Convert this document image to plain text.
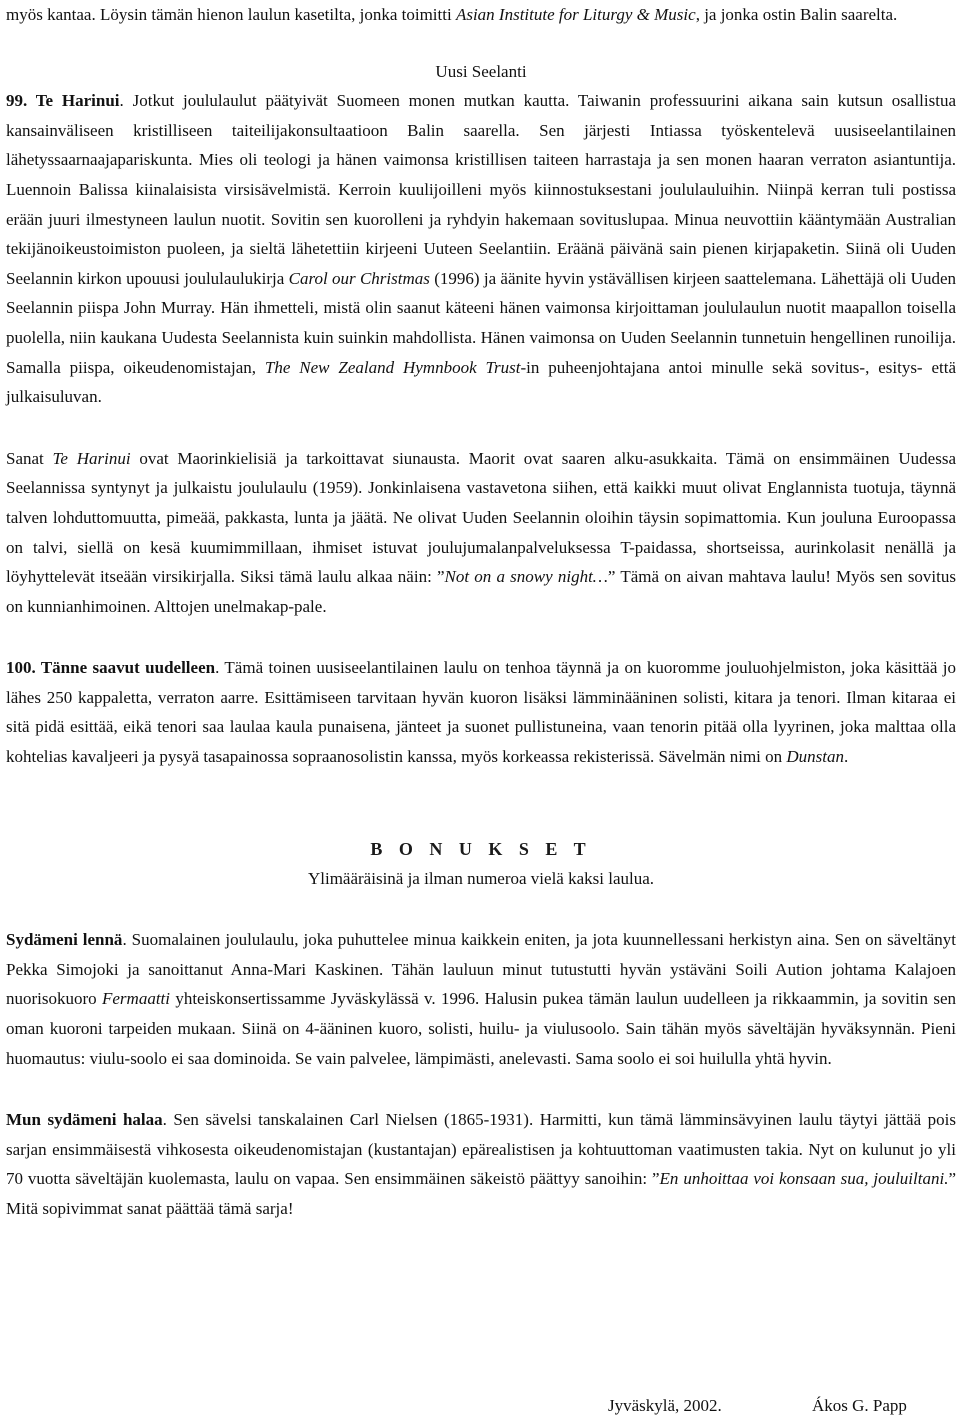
myös kantaa. Löysin tämän hienon laulun kasetilta, jonka toimitti Asian Institute for Liturgy & Music, ja jonka ostin Balin saarelta.

Uusi Seelanti

99. Te Harinui. Jotkut joululaulut päätyivät Suomeen monen mutkan kautta. Taiwanin professuurini aikana sain kutsun osallistua kansainväliseen kristilliseen taiteilijakonsultaatioon Balin saarella. Sen järjesti Intiassa työskentelevä uusiseelantilainen lähetyssaarnaajapariskunta. Mies oli teologi ja hänen vaimonsa kristillisen taiteen harrastaja ja sen monen haaran verraton asiantuntija. Luennoin Balissa kiinalaisista virsisävelmistä. Kerroin kuulijoilleni myös kiinnostuksestani joululauluihin. Niinpä kerran tuli postissa erään juuri ilmestyneen laulun nuotit. Sovitin sen kuorolleni ja ryhdyin hakemaan sovituslupaa. Minua neuvottiin kääntymään Australian tekijänoikeustoimiston puoleen, ja sieltä lähetettiin kirjeeni Uuteen Seelantiin. Eräänä päivänä sain pienen kirjapaketin. Siinä oli Uuden Seelannin kirkon upouusi joululaulukirja Carol our Christmas (1996) ja äänite hyvin ystävällisen kirjeen saattelemana. Lähettäjä oli Uuden Seelannin piispa John Murray. Hän ihmetteli, mistä olin saanut käteeni hänen vaimonsa kirjoittaman joululaulun nuotit maapallon toisella puolella, niin kaukana Uudesta Seelannista kuin suinkin mahdollista. Hänen vaimonsa on Uuden Seelannin tunnetuin hengellinen runoilija. Samalla piispa, oikeudenomistajan, The New Zealand Hymnbook Trust-in puheenjohtajana antoi minulle sekä sovitus-, esitys- että julkaisuluvan.

Sanat Te Harinui ovat Maorinkielisiä ja tarkoittavat siunausta. Maorit ovat saaren alku-asukkaita. Tämä on ensimmäinen Uudessa Seelannissa syntynyt ja julkaistu joululaulu (1959). Jonkinlaisena vastavetona siihen, että kaikki muut olivat Englannista tuotuja, täynnä talven lohduttomuutta, pimeää, pakkasta, lunta ja jäätä. Ne olivat Uuden Seelannin oloihin täysin sopimattomia. Kun jouluna Euroopassa on talvi, siellä on kesä kuumimmillaan, ihmiset istuvat joulujumalanpalveluksessa T-paidassa, shortseissa, aurinkolasit nenällä ja löyhyttelevät itseään virsikirjalla. Siksi tämä laulu alkaa näin: ”Not on a snowy night…” Tämä on aivan mahtava laulu! Myös sen sovitus on kunnianhimoinen. Alttojen unelmakap-pale.

100. Tänne saavut uudelleen. Tämä toinen uusiseelantilainen laulu on tenhoa täynnä ja on kuoromme jouluohjelmiston, joka käsittää jo lähes 250 kappaletta, verraton aarre. Esittämiseen tarvitaan hyvän kuoron lisäksi lämminääninen solisti, kitara ja tenori. Ilman kitaraa ei sitä pidä esittää, eikä tenori saa laulaa kaula punaisena, jänteet ja suonet pullistuneina, vaan tenorin pitää olla lyyrinen, joka malttaa olla kohtelias kavaljeeri ja pysyä tasapainossa sopraanosolistin kanssa, myös korkeassa rekisterissä. Sävelmän nimi on Dunstan.

B O N U K S E T

Ylimääräisinä ja ilman numeroa vielä kaksi laulua.

Sydämeni lennä. Suomalainen joululaulu, joka puhuttelee minua kaikkein eniten, ja jota kuunnellessani herkistyn aina. Sen on säveltänyt Pekka Simojoki ja sanoittanut Anna-Mari Kaskinen. Tähän lauluun minut tutustutti hyvän ystäväni Soili Aution johtama Kalajoen nuorisokuoro Fermaatti yhteiskonsertissamme Jyväskylässä v. 1996. Halusin pukea tämän laulun uudelleen ja rikkaammin, ja sovitin sen oman kuoroni tarpeiden mukaan. Siinä on 4-ääninen kuoro, solisti, huilu- ja viulusoolo. Sain tähän myös säveltäjän hyväksynnän. Pieni huomautus: viulu-soolo ei saa dominoida. Se vain palvelee, lämpimästi, anelevasti. Sama soolo ei soi huilulla yhtä hyvin.

Mun sydämeni halaa. Sen sävelsi tanskalainen Carl Nielsen (1865-1931). Harmitti, kun tämä lämminsävyinen laulu täytyi jättää pois sarjan ensimmäisestä vihkosesta oikeudenomistajan (kustantajan) epärealistisen ja kohtuuttoman vaatimusten takia. Nyt on kulunut jo yli 70 vuotta säveltäjän kuolemasta, laulu on vapaa. Sen ensimmäinen säkeistö päättyy sanoihin: ”En unhoittaa voi konsaan sua, jouluiltani.” Mitä sopivimmat sanat päättää tämä sarja!

Jyväskylä, 2002.	Ákos G. Papp
